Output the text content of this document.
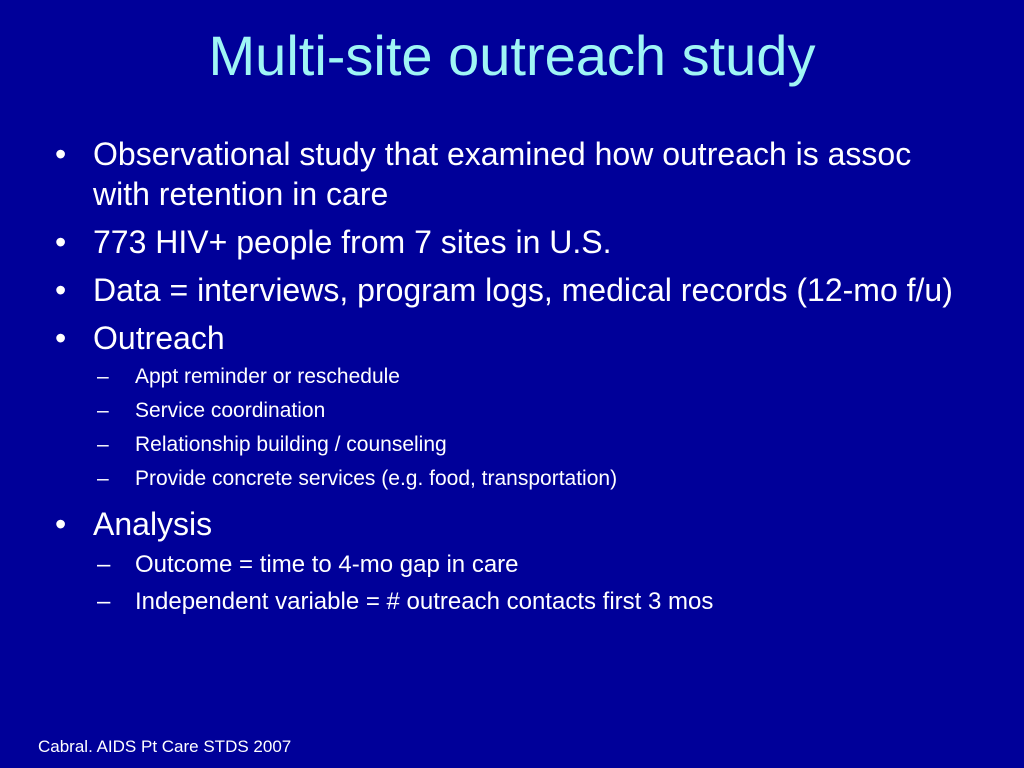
Multi-site outreach study
• Observational study that examined how outreach is assoc with retention in care
• 773 HIV+ people from 7 sites in U.S.
• Data = interviews, program logs, medical records (12-mo f/u)
• Outreach
– Appt reminder or reschedule
– Service coordination
– Relationship building / counseling
– Provide concrete services (e.g. food, transportation)
• Analysis
– Outcome = time to 4-mo gap in care
– Independent variable = # outreach contacts first 3 mos
Cabral. AIDS Pt Care STDS 2007
